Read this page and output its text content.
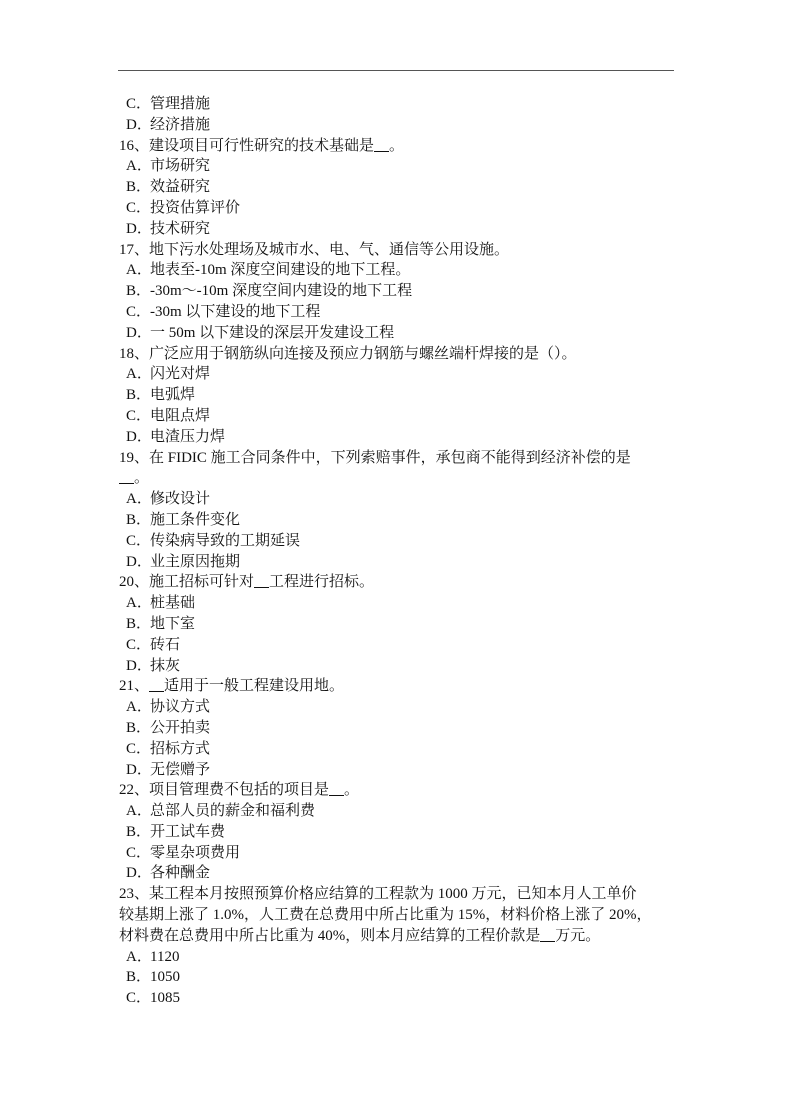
C．管理措施
D．经济措施
16、建设项目可行性研究的技术基础是 。
A．市场研究
B．效益研究
C．投资估算评价
D．技术研究
17、地下污水处理场及城市水、电、气、通信等公用设施。
A．地表至-10m 深度空间建设的地下工程。
B．-30m～-10m 深度空间内建设的地下工程
C．-30m 以下建设的地下工程
D．一 50m 以下建设的深层开发建设工程
18、广泛应用于钢筋纵向连接及预应力钢筋与螺丝端杆焊接的是（）。
A．闪光对焊
B．电弧焊
C．电阻点焊
D．电渣压力焊
19、在 FIDIC 施工合同条件中，下列索赔事件，承包商不能得到经济补偿的是
。
A．修改设计
B．施工条件变化
C．传染病导致的工期延误
D．业主原因拖期
20、施工招标可针对 工程进行招标。
A．桩基础
B．地下室
C．砖石
D．抹灰
21、 适用于一般工程建设用地。
A．协议方式
B．公开拍卖
C．招标方式
D．无偿赠予
22、项目管理费不包括的项目是 。
A．总部人员的薪金和福利费
B．开工试车费
C．零星杂项费用
D．各种酬金
23、某工程本月按照预算价格应结算的工程款为 1000 万元，已知本月人工单价
较基期上涨了 1.0%，人工费在总费用中所占比重为 15%，材料价格上涨了 20%，
材料费在总费用中所占比重为 40%，则本月应结算的工程价款是 万元。
A．1120
B．1050
C．1085
